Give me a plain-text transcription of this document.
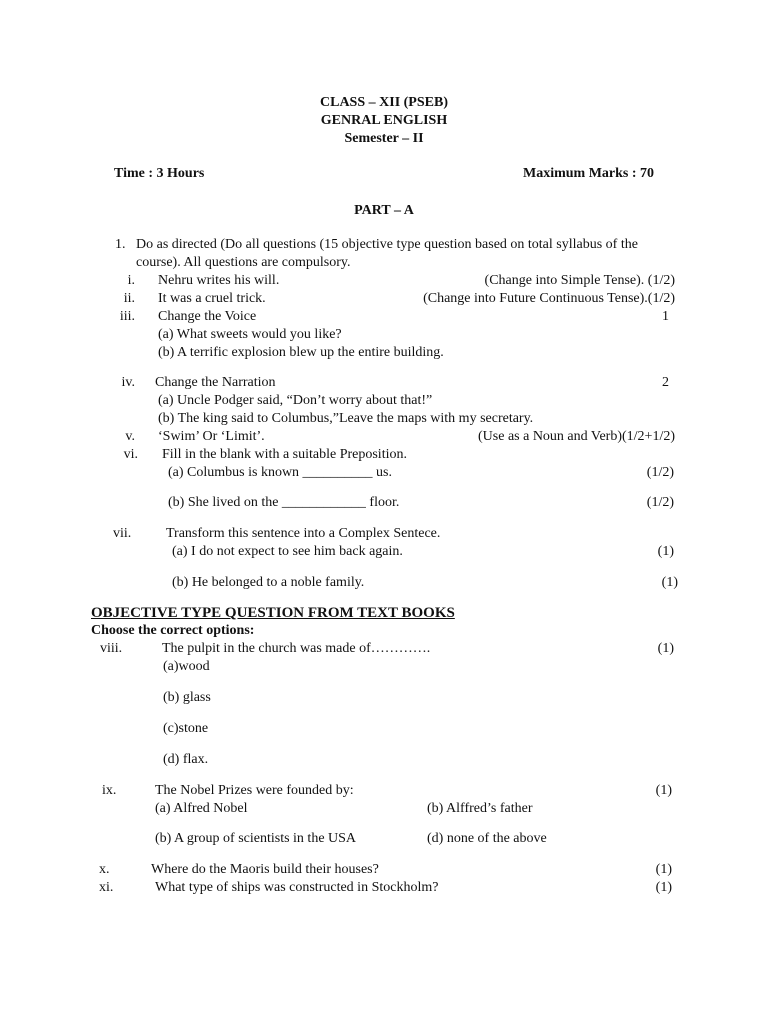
CLASS – XII (PSEB)
GENRAL ENGLISH
Semester – II
Time : 3 Hours	Maximum Marks : 70
PART – A
1. Do as directed (Do all questions (15 objective type question based on total syllabus of the
course). All questions are compulsory.
i. Nehru writes his will.	(Change into Simple Tense). (1/2)
ii. It was a cruel trick.	(Change into Future Continuous Tense).(1/2)
iii. Change the Voice	1
(a) What sweets would you like?
(b) A terrific explosion blew up the entire building.
iv. Change the Narration	2
(a) Uncle Podger said, “Don’t worry about that!”
(b) The king said to Columbus,”Leave the maps with my secretary.
v. ‘Swim’ Or ‘Limit’.	(Use as a Noun and Verb)(1/2+1/2)
vi. Fill in the blank with a suitable Preposition.
(a) Columbus is known __________ us.	(1/2)
(b) She lived on the ____________ floor.	(1/2)
vii. Transform this sentence into a Complex Sentece.
(a) I do not expect to see him back again.	(1)
(b) He belonged to a noble family.	(1)
OBJECTIVE TYPE QUESTION FROM TEXT BOOKS
Choose the correct options:
viii.	The pulpit in the church was made of………….	(1)
(a)wood
(b) glass
(c)stone
(d) flax.
ix.	The Nobel Prizes were founded by:	(1)
(a) Alfred Nobel	(b) Alffred’s father
(b) A group of scientists in the USA	(d) none of the above
x.	Where do the Maoris build their houses?	(1)
xi.	What type of ships was constructed in Stockholm?	(1)
